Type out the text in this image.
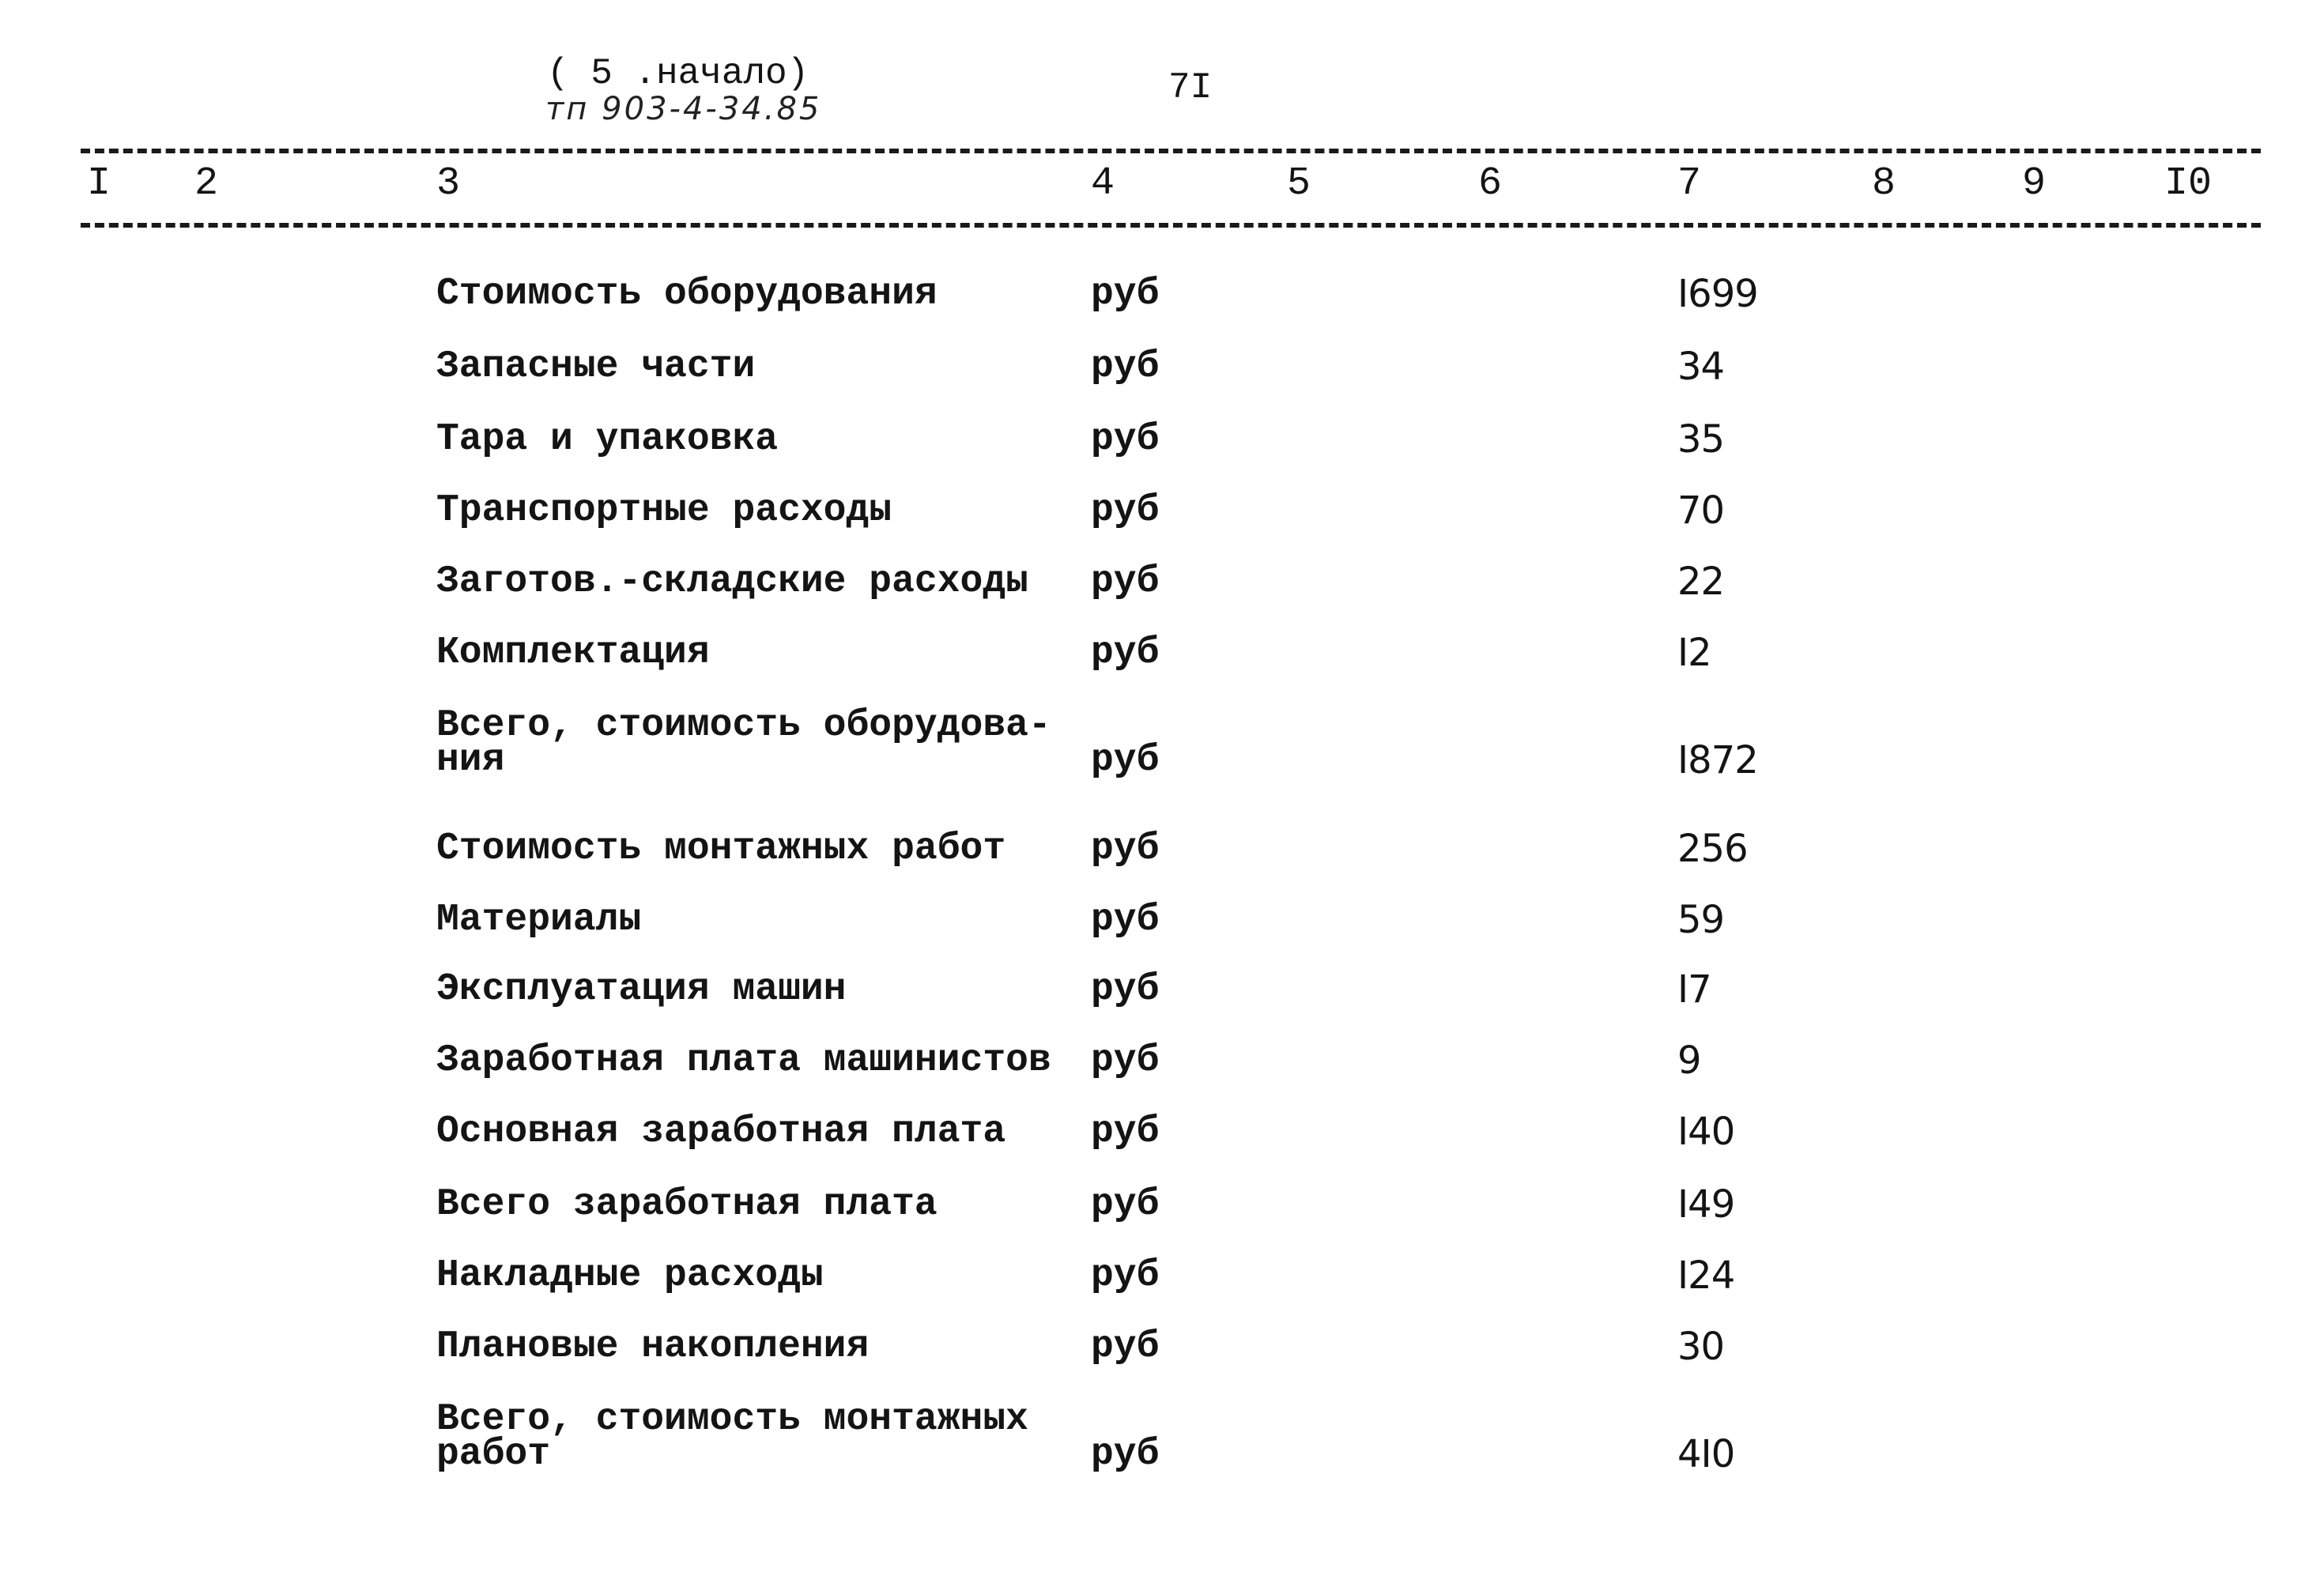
( 5 .начало)	7I
тп 903-4-34.85
I 2	3	4	5	6	7	8	9	I0
Стоимость оборудования	руб	I699
Запасные части	руб	34
Тара и упаковка	руб	35
Транспортные расходы	руб	70
Заготов.-складские расходы руб	22
Комплектация	руб	I2
Всего, стоимость оборудова-
ния	руб	I872
Стоимость монтажных работ руб	256
Материалы	руб	59
Эксплуатация машин	руб	I7
Заработная плата машинистов руб	9
Основная заработная плата руб	I40
Всего заработная плата	руб	I49
Накладные расходы	руб	I24
Плановые накопления	руб	30
Всего, стоимость монтажных
работ	руб	4I0
